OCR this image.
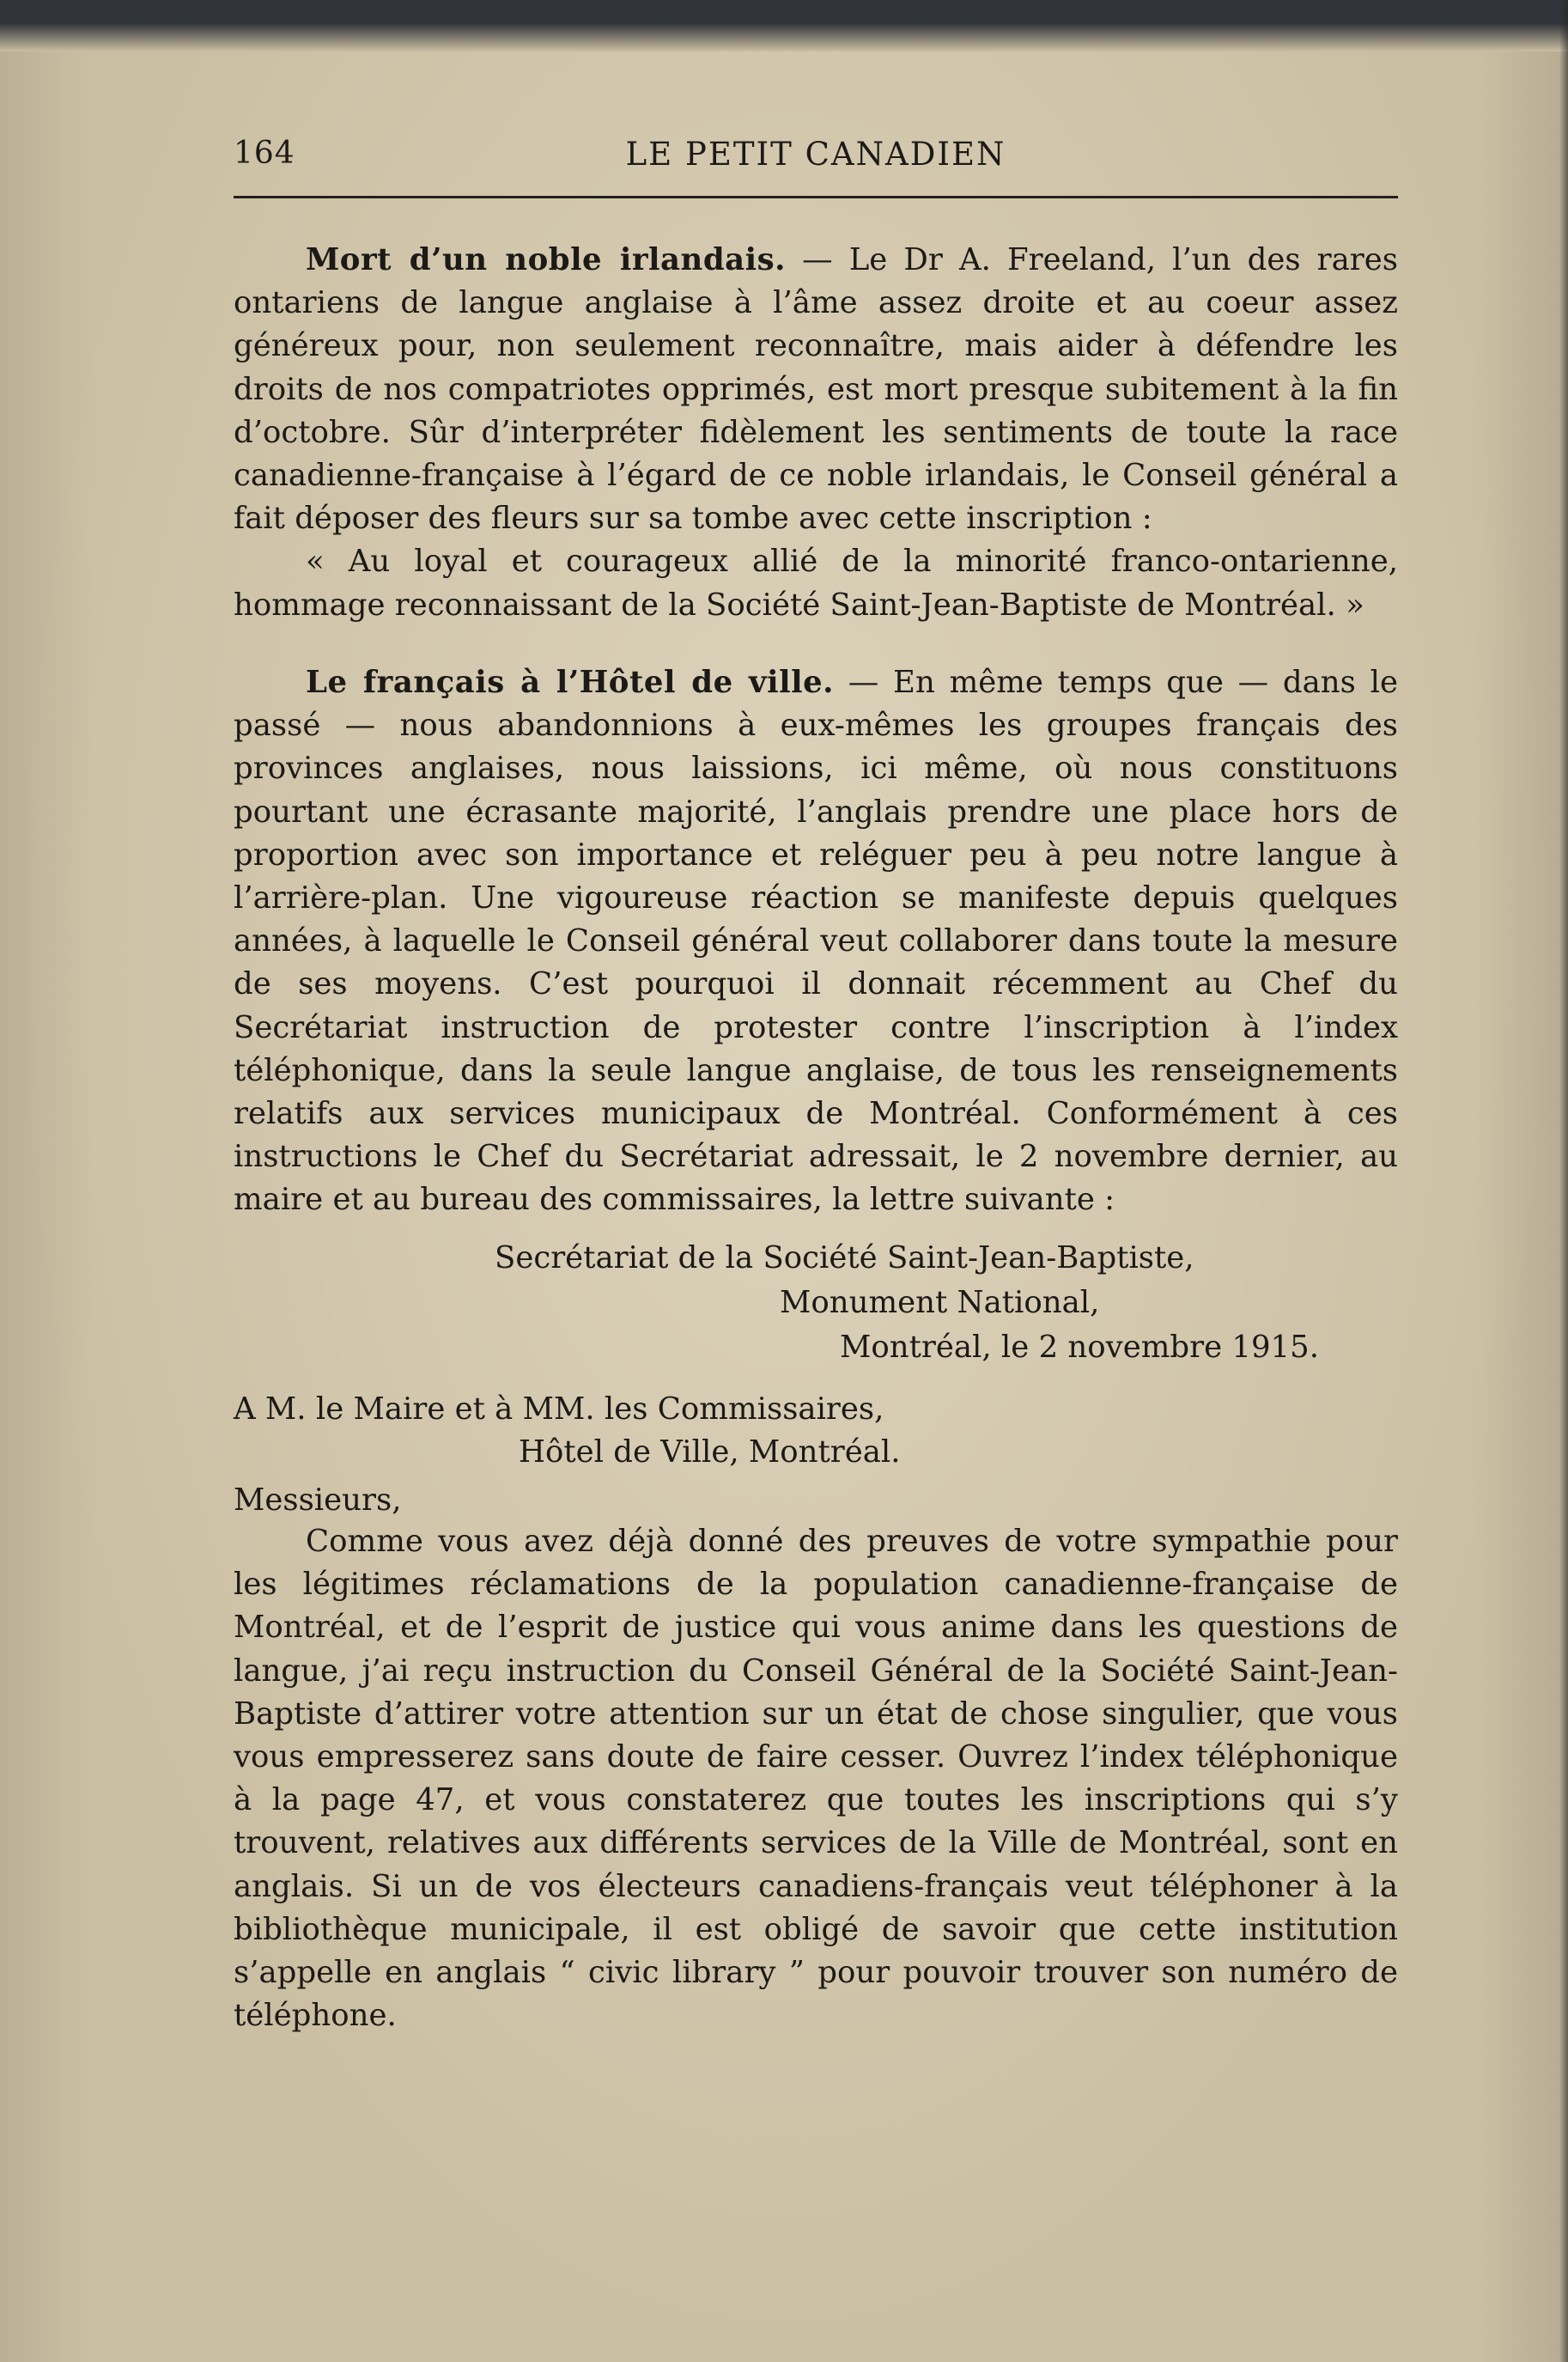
164	LE PETIT CANADIEN

Mort d’un noble irlandais. — Le Dr A. Freeland, l’un des rares ontariens de langue anglaise à l’âme assez droite et au coeur assez généreux pour, non seulement reconnaître, mais aider à défendre les droits de nos compatriotes opprimés, est mort presque subitement à la fin d’octobre. Sûr d’interpréter fidèlement les sentiments de toute la race canadienne-française à l’égard de ce noble irlandais, le Conseil général a fait déposer des fleurs sur sa tombe avec cette inscription :

« Au loyal et courageux allié de la minorité franco-ontarienne, hommage reconnaissant de la Société Saint-Jean-Baptiste de Montréal. »

Le français à l’Hôtel de ville. — En même temps que — dans le passé — nous abandonnions à eux-mêmes les groupes français des provinces anglaises, nous laissions, ici même, où nous constituons pourtant une écrasante majorité, l’anglais prendre une place hors de proportion avec son importance et reléguer peu à peu notre langue à l’arrière-plan. Une vigoureuse réaction se manifeste depuis quelques années, à laquelle le Conseil général veut collaborer dans toute la mesure de ses moyens. C’est pourquoi il donnait récemment au Chef du Secrétariat instruction de protester contre l’inscription à l’index téléphonique, dans la seule langue anglaise, de tous les renseignements relatifs aux services municipaux de Montréal. Conformément à ces instructions le Chef du Secrétariat adressait, le 2 novembre dernier, au maire et au bureau des commissaires, la lettre suivante :

Secrétariat de la Société Saint-Jean-Baptiste,
Monument National,
Montréal, le 2 novembre 1915.
A M. le Maire et à MM. les Commissaires,
Hôtel de Ville, Montréal.
Messieurs,

Comme vous avez déjà donné des preuves de votre sympathie pour les légitimes réclamations de la population canadienne-française de Montréal, et de l’esprit de justice qui vous anime dans les questions de langue, j’ai reçu instruction du Conseil Général de la Société Saint-Jean-Baptiste d’attirer votre attention sur un état de chose singulier, que vous vous empresserez sans doute de faire cesser. Ouvrez l’index téléphonique à la page 47, et vous constaterez que toutes les inscriptions qui s’y trouvent, relatives aux différents services de la Ville de Montréal, sont en anglais. Si un de vos électeurs canadiens-français veut téléphoner à la bibliothèque municipale, il est obligé de savoir que cette institution s’appelle en anglais “ civic library ” pour pouvoir trouver son numéro de téléphone.
